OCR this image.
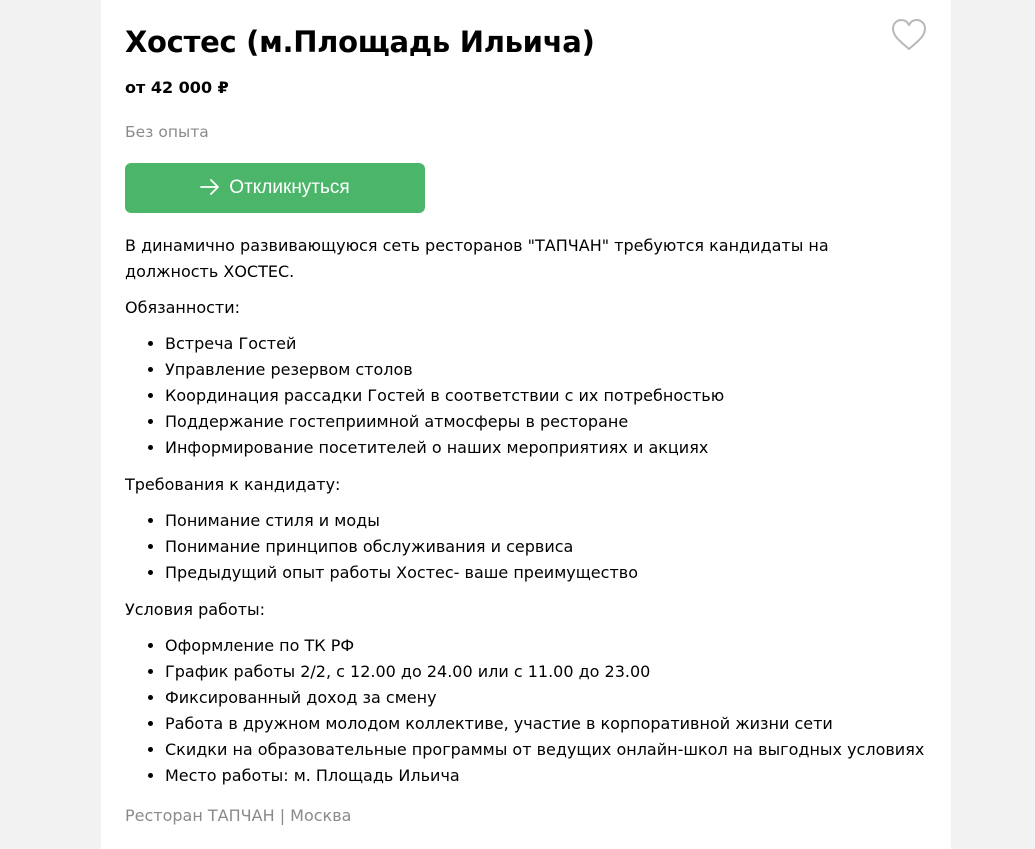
Хостес (м.Площадь Ильича)
от 42 000 ₽
Без опыта
Откликнуться

В динамично развивающуюся сеть ресторанов "ТАПЧАН" требуются кандидаты на должность ХОСТЕС.

Обязанности:

• Встреча Гостей
• Управление резервом столов
• Координация рассадки Гостей в соответствии с их потребностью
• Поддержание гостеприимной атмосферы в ресторане
• Информирование посетителей о наших мероприятиях и акциях

Требования к кандидату:

• Понимание стиля и моды
• Понимание принципов обслуживания и сервиса
• Предыдущий опыт работы Хостес- ваше преимущество

Условия работы:

• Оформление по ТК РФ
• График работы 2/2, с 12.00 до 24.00 или с 11.00 до 23.00
• Фиксированный доход за смену
• Работа в дружном молодом коллективе, участие в корпоративной жизни сети
• Скидки на образовательные программы от ведущих онлайн-школ на выгодных условиях
• Место работы: м. Площадь Ильича
Ресторан ТАПЧАН | Москва
